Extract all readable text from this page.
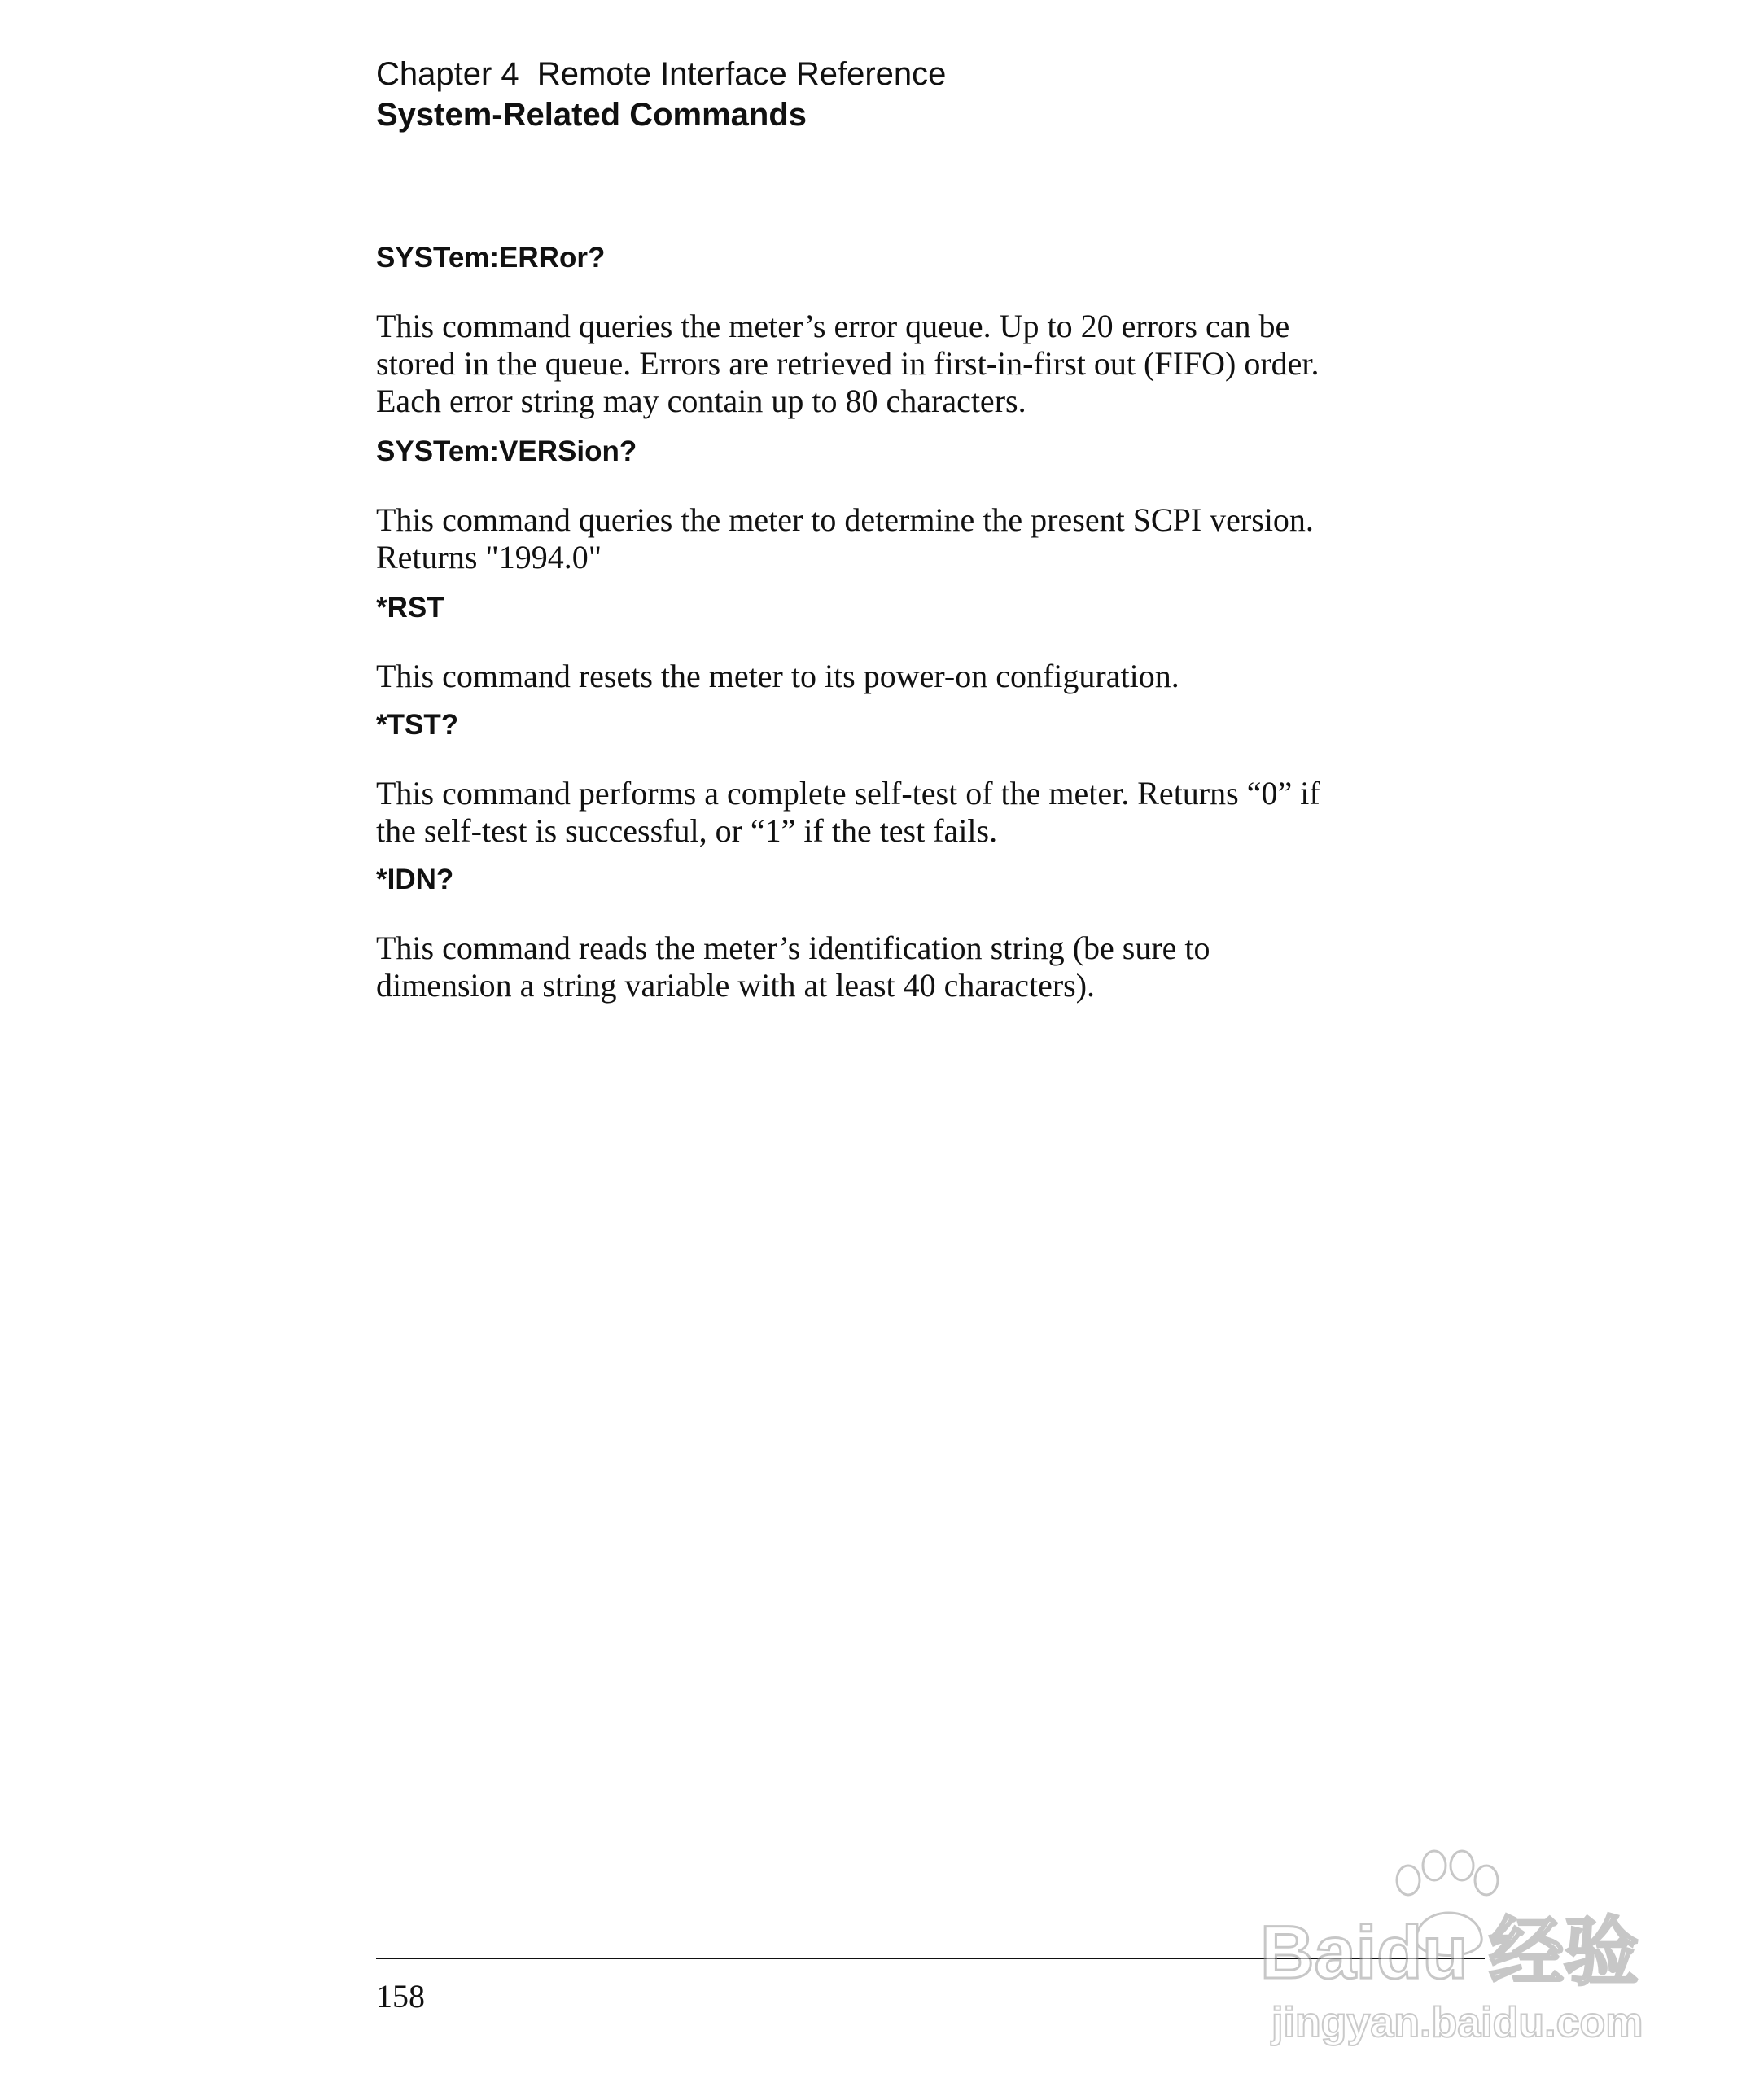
Chapter 4  Remote Interface Reference
System-Related Commands
SYSTem:ERRor?

This command queries the meter’s error queue. Up to 20 errors can be
stored in the queue. Errors are retrieved in first-in-first out (FIFO) order.
Each error string may contain up to 80 characters.

SYSTem:VERSion?

This command queries the meter to determine the present SCPI version.
Returns "1994.0"

*RST

This command resets the meter to its power-on configuration.

*TST?

This command performs a complete self-test of the meter. Returns “0” if
the self-test is successful, or “1” if the test fails.

*IDN?

This command reads the meter’s identification string (be sure to
dimension a string variable with at least 40 characters).

158
Baidu 经验
jingyan.baidu.com
